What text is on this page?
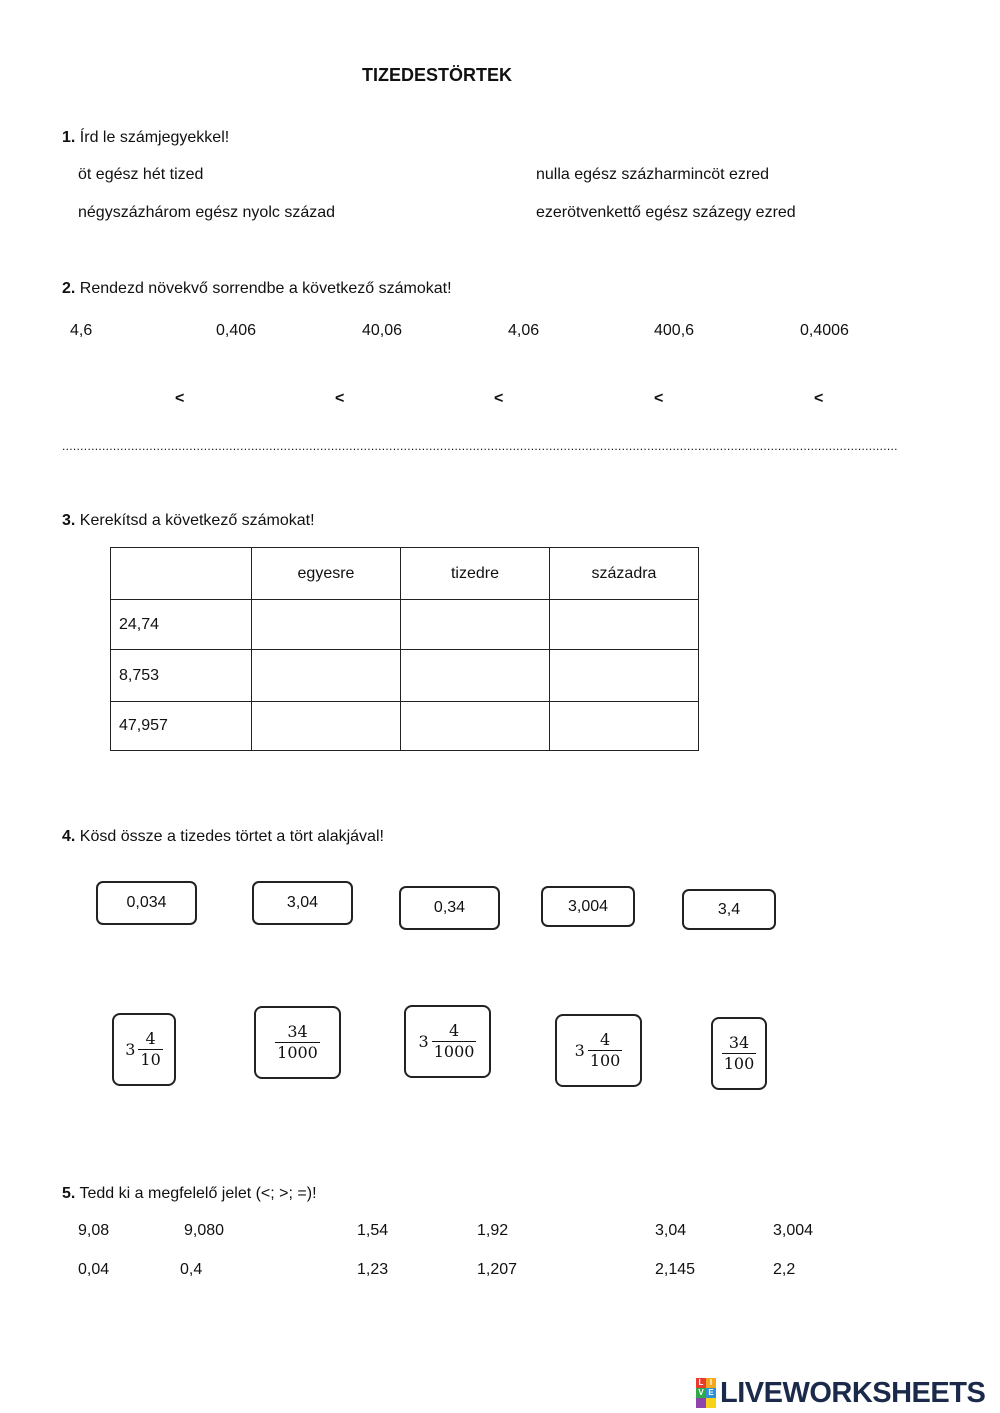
TIZEDESTÖRTEK
1. Írd le számjegyekkel!
öt egész hét tized	nulla egész százharmincöt ezred
négyszázhárom egész nyolc század	ezerötvenkettő egész százegy ezred
2. Rendezd növekvő sorrendbe a következő számokat!
4,6	0,406	40,06	4,06	400,6	0,4006
<	<	<	<	<
......................................................................................................................................................................................................................................
3. Kerekítsd a következő számokat!
	egyesre	tizedre	századra
24,74			
8,753			
47,957			
4. Kösd össze a tizedes törtet a tört alakjával!
0,034	3,04	0,34	3,004	3,4
$3 \frac{4}{10}$	$\frac{34}{1000}$	$3 \frac{4}{1000}$	$3 \frac{4}{100}$	$\frac{34}{100}$
5. Tedd ki a megfelelő jelet (<; >; =)!
9,08	9,080	1,54	1,92	3,04	3,004
0,04	0,4	1,23	1,207	2,145	2,2
L I
V E LIVEWORKSHEETS
